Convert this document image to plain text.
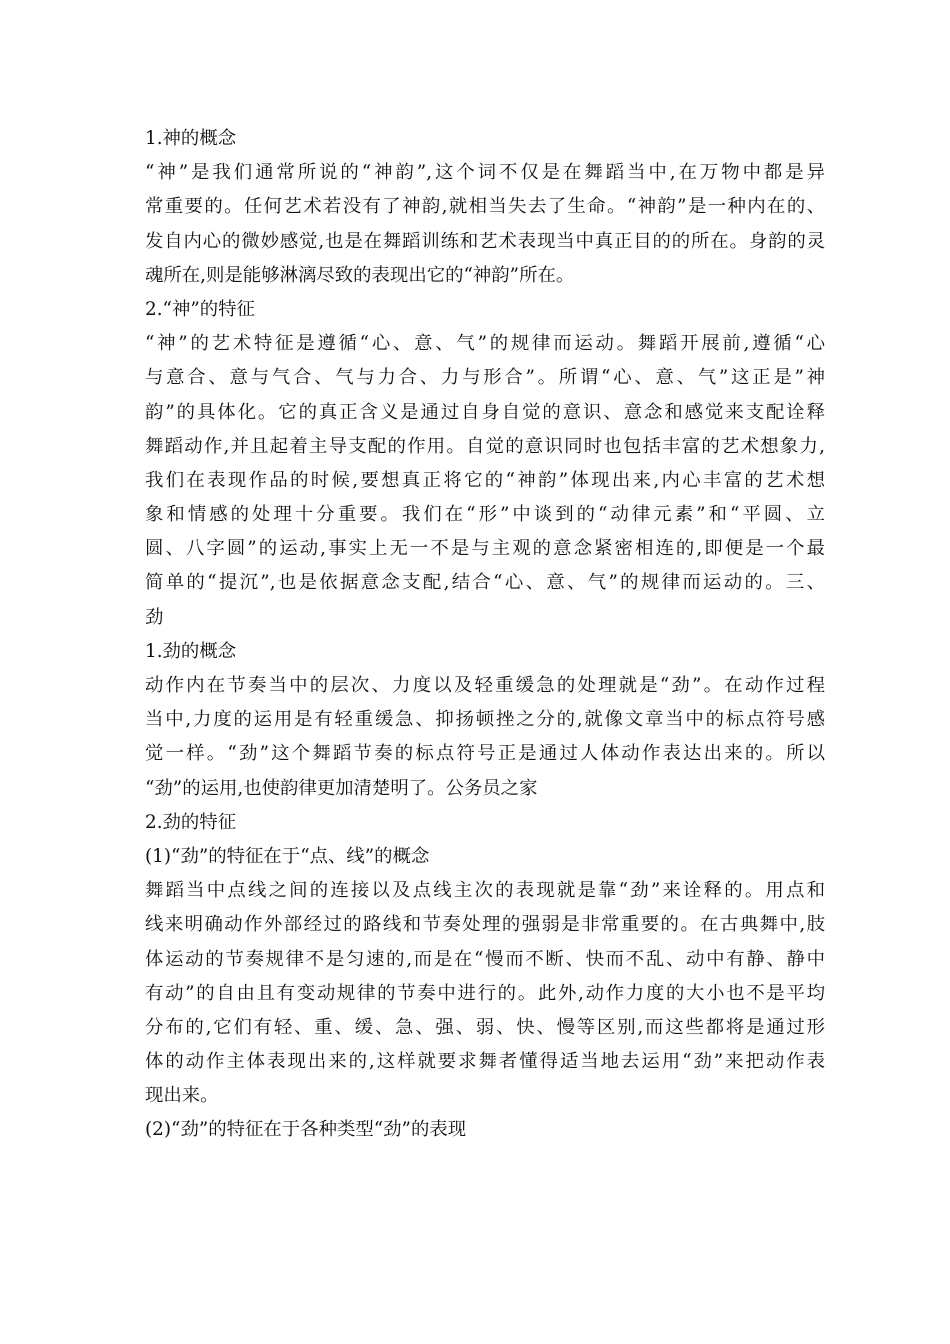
1.神的概念
“神”是我们通常所说的“神韵”,这个词不仅是在舞蹈当中,在万物中都是异
常重要的。任何艺术若没有了神韵,就相当失去了生命。“神韵”是一种内在的、
发自内心的微妙感觉,也是在舞蹈训练和艺术表现当中真正目的的所在。身韵的灵
魂所在,则是能够淋漓尽致的表现出它的“神韵”所在。
2.“神”的特征
“神”的艺术特征是遵循“心、意、气”的规律而运动。舞蹈开展前,遵循“心
与意合、意与气合、气与力合、力与形合”。所谓“心、意、气”这正是”神
韵”的具体化。它的真正含义是通过自身自觉的意识、意念和感觉来支配诠释
舞蹈动作,并且起着主导支配的作用。自觉的意识同时也包括丰富的艺术想象力,
我们在表现作品的时候,要想真正将它的“神韵”体现出来,内心丰富的艺术想
象和情感的处理十分重要。我们在“形”中谈到的“动律元素”和“平圆、立
圆、八字圆”的运动,事实上无一不是与主观的意念紧密相连的,即便是一个最
简单的“提沉”,也是依据意念支配,结合“心、意、气”的规律而运动的。三、
劲
1.劲的概念
动作内在节奏当中的层次、力度以及轻重缓急的处理就是“劲”。在动作过程
当中,力度的运用是有轻重缓急、抑扬顿挫之分的,就像文章当中的标点符号感
觉一样。“劲”这个舞蹈节奏的标点符号正是通过人体动作表达出来的。所以
“劲”的运用,也使韵律更加清楚明了。公务员之家
2.劲的特征
(1)“劲”的特征在于“点、线”的概念
舞蹈当中点线之间的连接以及点线主次的表现就是靠“劲”来诠释的。用点和
线来明确动作外部经过的路线和节奏处理的强弱是非常重要的。在古典舞中,肢
体运动的节奏规律不是匀速的,而是在“慢而不断、快而不乱、动中有静、静中
有动”的自由且有变动规律的节奏中进行的。此外,动作力度的大小也不是平均
分布的,它们有轻、重、缓、急、强、弱、快、慢等区别,而这些都将是通过形
体的动作主体表现出来的,这样就要求舞者懂得适当地去运用“劲”来把动作表
现出来。
(2)“劲”的特征在于各种类型“劲”的表现
